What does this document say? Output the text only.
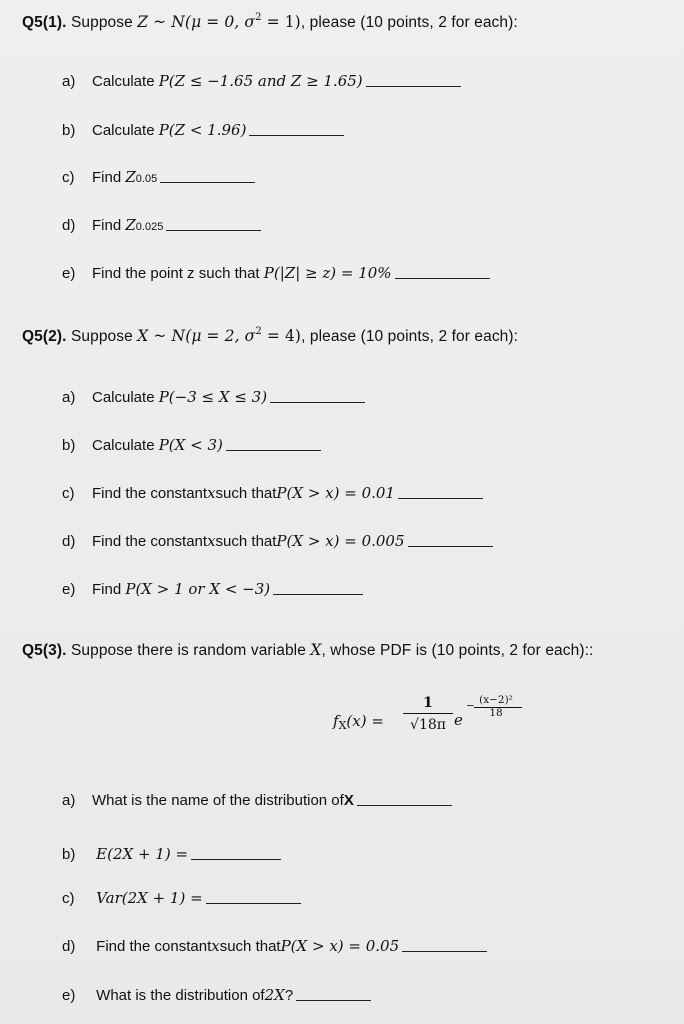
Q5(1). Suppose Z ~ N(μ = 0, $\sigma^2 = 1$), please (10 points, 2 for each):
a)	Calculate P(Z ≤ −1.65 and Z ≥ 1.65)
b)	Calculate P(Z < 1.96)
c)	Find
Z 0.05
d)	Find
Z 0.025
e)	Find the point z such that
P(|Z| ≥ z) = 10%
Q5(2). Suppose X ~ N(μ = 2, $\sigma^2 = 4$), please (10 points, 2 for each):
a)	Calculate
P(−3 ≤ X ≤ 3)
b)	Calculate
P(X < 3)
c)	Find the constant x such that P(X > x) = 0.01
d)	Find the constant x such that P(X > x) = 0.005
e)	Find
P(X > 1 or X < −3)
Q5(3). Suppose there is random variable X, whose PDF is (10 points, 2 for each)::
$f_X(x)$ =
1
√18π e
− (x−2)²
18
a)	What is the name of the distribution of X
b)
	E(2X + 1) =
c)
	Var(2X + 1) =
d)
	Find the constant x such that P(X > x) = 0.05
e)
	What is the distribution of 2X ?
